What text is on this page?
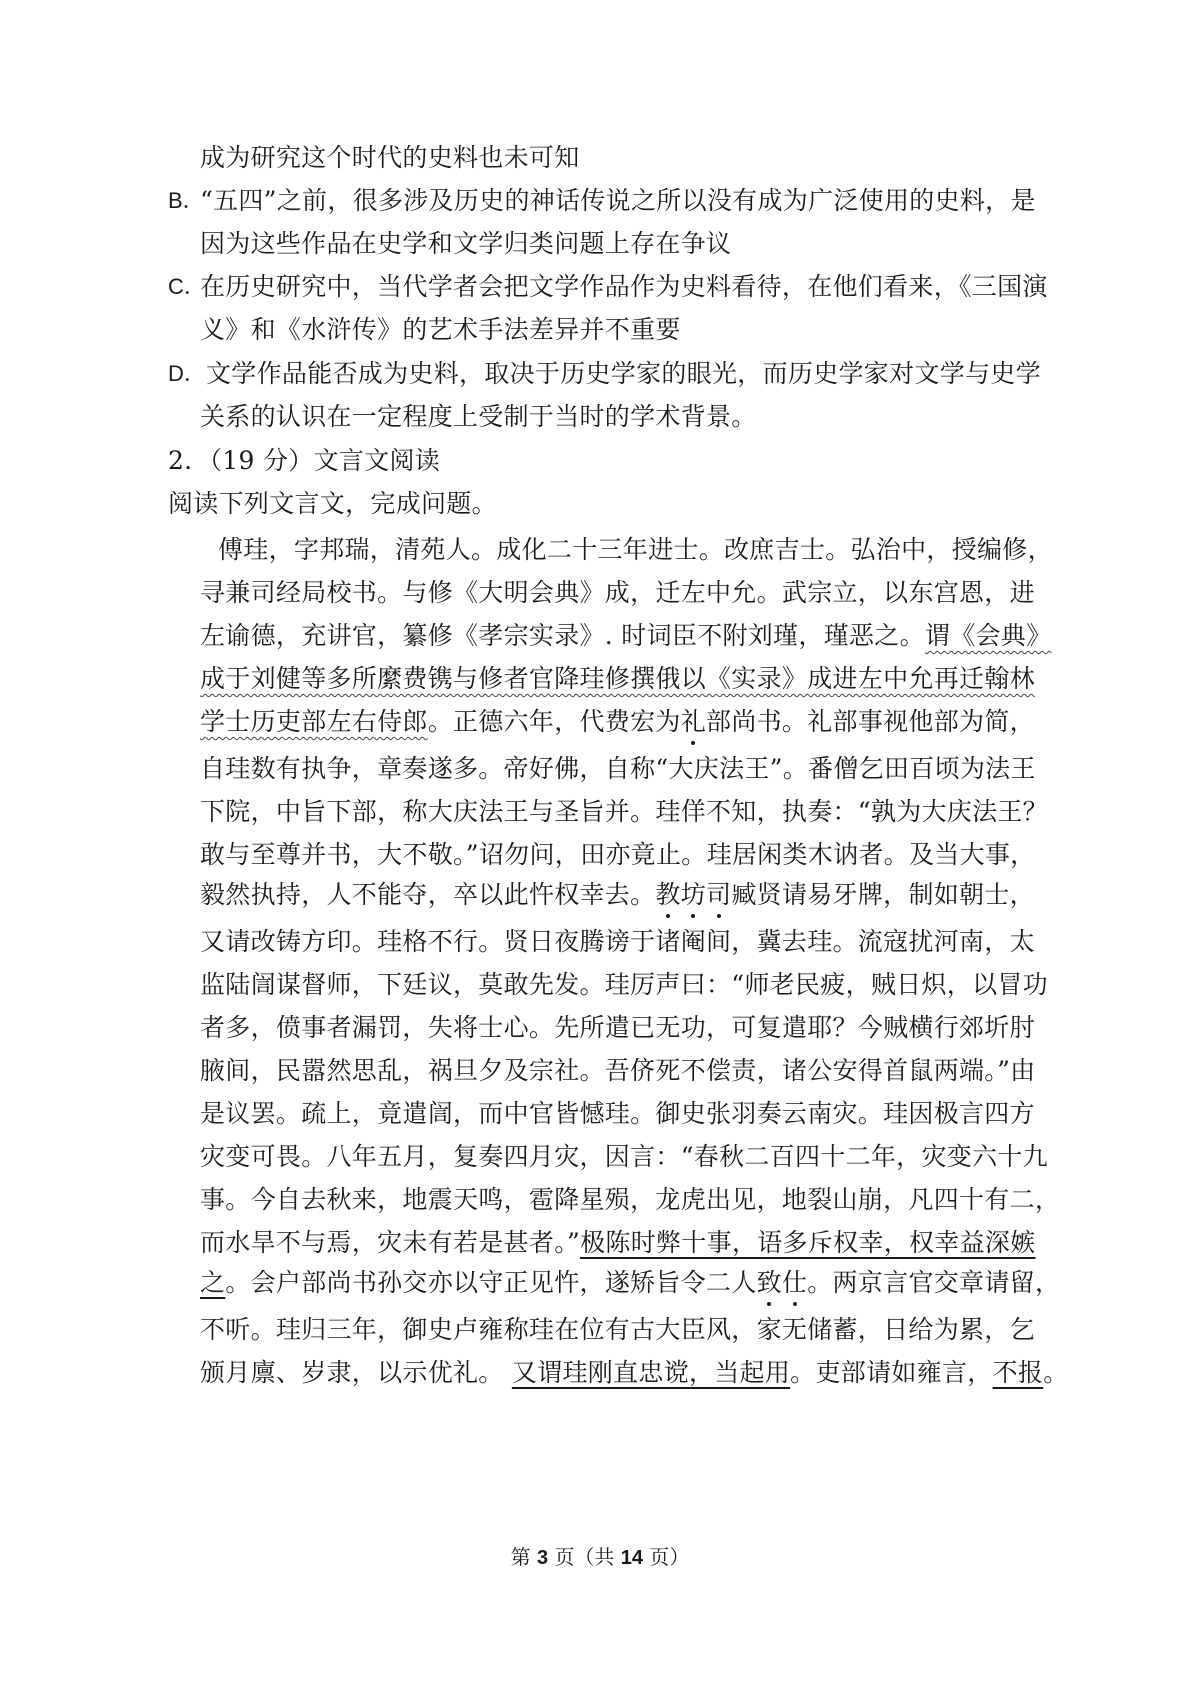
成为研究这个时代的史料也未可知
B．
“五四”之前，很多涉及历史的神话传说之所以没有成为广泛使用的史料，是
因为这些作品在史学和文学归类问题上存在争议
C．
在历史研究中，当代学者会把文学作品作为史料看待，在他们看来，《三国演
义》和《水浒传》的艺术手法差异并不重要
D． 文学作品能否成为史料，取决于历史学家的眼光，而历史学家对文学与史学
关系的认识在一定程度上受制于当时的学术背景。
2．（19 分）文言文阅读
阅读下列文言文，完成问题。
傅珪，字邦瑞，清苑人。成化二十三年进士。改庶吉士。弘治中，授编修，
寻兼司经局校书。与修《大明会典》成，迁左中允。武宗立，以东宫恩，进
左谕德，充讲官，纂修《孝宗实录》. 时词臣不附刘瑾，瑾恶之。谓《会典》
成于刘健等多所縻费镌与修者官降珪修撰俄以《实录》成进左中允再迁翰林
学士历吏部左右侍郎。正德六年，代费宏为礼部尚书。礼部事视他部为简，
自珪数有执争，章奏遂多。帝好佛，自称“大庆法王”。番僧乞田百顷为法王
下院，中旨下部，称大庆法王与圣旨并。珪佯不知，执奏：“孰为大庆法王？
敢与至尊并书，大不敬。”诏勿问，田亦竟止。珪居闲类木讷者。及当大事，
毅然执持，人不能夺，卒以此忤权幸去。教坊司臧贤请易牙牌，制如朝士，
又请改铸方印。珪格不行。贤日夜腾谤于诸阉间，冀去珪。流寇扰河南，太
监陆訚谋督师，下廷议，莫敢先发。珪厉声曰：“师老民疲，贼日炽，以冒功
者多，偾事者漏罚，失将士心。先所遣已无功，可复遣耶？今贼横行郊圻肘
腋间，民嚣然思乱，祸旦夕及宗社。吾侪死不偿责，诸公安得首鼠两端。”由
是议罢。疏上，竟遣訚，而中官皆憾珪。御史张羽奏云南灾。珪因极言四方
灾变可畏。八年五月，复奏四月灾，因言：“春秋二百四十二年，灾变六十九
事。今自去秋来，地震天鸣，雹降星殒，龙虎出见，地裂山崩，凡四十有二，
而水旱不与焉，灾未有若是甚者。”极陈时弊十事，语多斥权幸，权幸益深嫉
之。会户部尚书孙交亦以守正见忤，遂矫旨令二人致仕。两京言官交章请留，
不听。珪归三年，御史卢雍称珪在位有古大臣风，家无储蓄，日给为累，乞
颁月廪、岁隶，以示优礼。 又谓珪刚直忠谠，当起用。吏部请如雍言，不报。
第 3 页（共 14 页）
